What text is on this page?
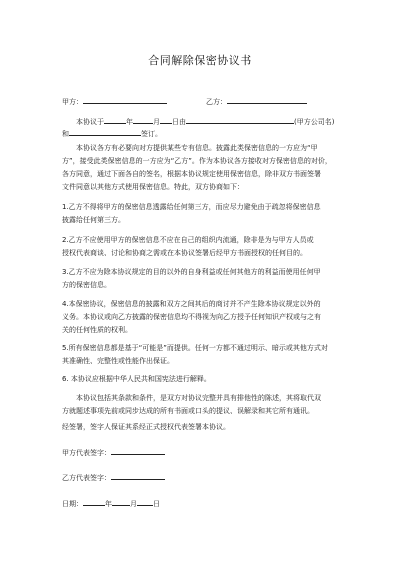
合同解除保密协议书
甲方：	乙方：
本协议于	年	月 日由	(甲方公司名)
和	签订。
本协议各方有必要向对方提供某些专有信息。披露此类保密信息的一方应为“甲
方”，接受此类保密信息的一方应为“乙方”。作为本协议各方接收对方保密信息的对价，
各方同意，通过下面各自的签名，根据本协议规定使用保密信息，除非双方书面签署
文件同意以其他方式使用保密信息。特此，双方协商如下：
1.乙方不得将甲方的保密信息透露给任何第三方，而应尽力避免由于疏忽将保密信息
披露给任何第三方。
2.乙方不应使用甲方的保密信息不应在自己的组织内流通，除非是为与甲方人员或
授权代表商谈、讨论和协商之需或在本协议签署后经甲方书面授权的任何目的。
3.乙方不应为除本协议规定的目的以外的自身利益或任何其他方的利益而使用任何甲
方的保密信息。
4.本保密协议，保密信息的披露和双方之间其后的商讨并不产生除本协议规定以外的
义务。本协议或向乙方披露的保密信息均不得视为向乙方授予任何知识产权或与之有
关的任何性质的权利。
5.所有保密信息都是基于“可能是”而提供。任何一方都不通过明示、暗示或其他方式对
其准确性、完整性或性能作出保证。
6. 本协议应根据中华人民共和国宪法进行解释。
本协议包括其条款和条件，是双方对协议完整并具有排他性的陈述，其将取代双
方就题述事项先前或同步达成的所有书面或口头的提议、误解录和其它所有通讯。
经签署，签字人保证其系经正式授权代表签署本协议。
甲方代表签字：
乙方代表签字：
日期：	年	月 日
